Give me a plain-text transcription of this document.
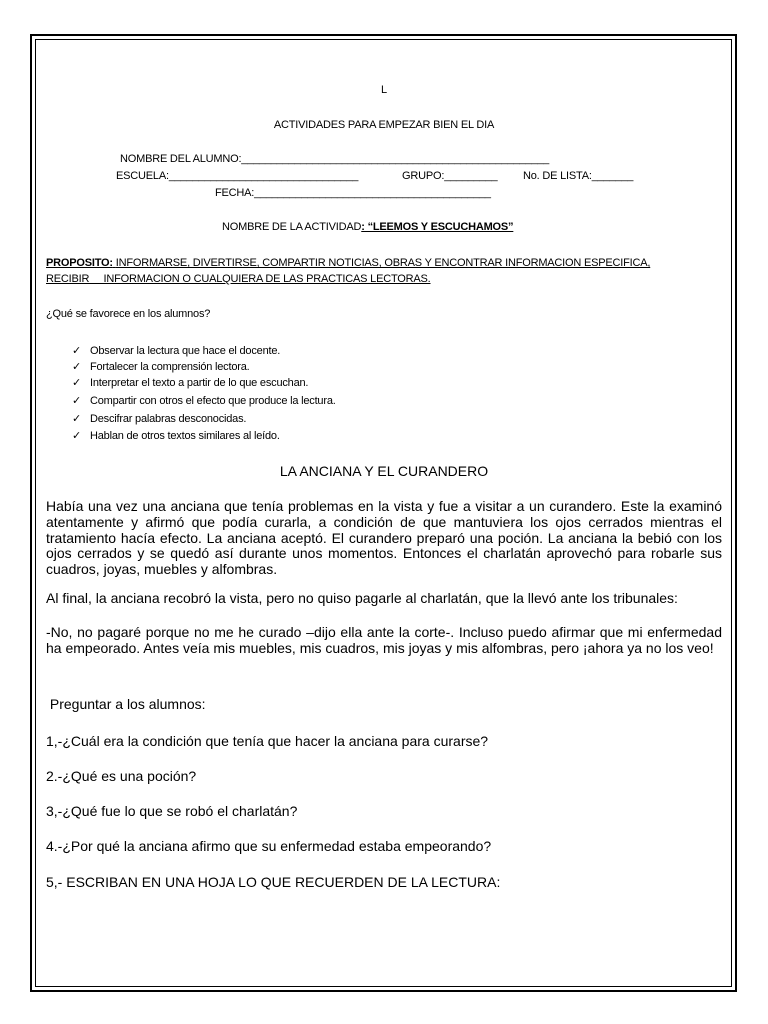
L
ACTIVIDADES PARA EMPEZAR BIEN EL DIA
NOMBRE DEL ALUMNO:____________________________________________________
ESCUELA:________________________________	GRUPO:_________ No. DE LISTA:_______
FECHA:________________________________________
NOMBRE DE LA ACTIVIDAD: “LEEMOS Y ESCUCHAMOS”
PROPOSITO: INFORMARSE, DIVERTIRSE, COMPARTIR NOTICIAS, OBRAS Y ENCONTRAR INFORMACION ESPECIFICA,
RECIBIR     INFORMACION O CUALQUIERA DE LAS PRACTICAS LECTORAS.
¿Qué se favorece en los alumnos?
✓ Observar la lectura que hace el docente.
✓ Fortalecer la comprensión lectora.
✓ Interpretar el texto a partir de lo que escuchan.
✓ Compartir con otros el efecto que produce la lectura.
✓ Descifrar palabras desconocidas.
✓ Hablan de otros textos similares al leído.
LA ANCIANA Y EL CURANDERO

Había una vez una anciana que tenía problemas en la vista y fue a visitar a un curandero. Este la examinó atentamente y afirmó que podía curarla, a condición de que mantuviera los ojos cerrados mientras el tratamiento hacía efecto. La anciana aceptó. El curandero preparó una poción. La anciana la bebió con los ojos cerrados y se quedó así durante unos momentos. Entonces el charlatán aprovechó para robarle sus cuadros, joyas, muebles y alfombras.

Al final, la anciana recobró la vista, pero no quiso pagarle al charlatán, que la llevó ante los tribunales:

-No, no pagaré porque no me he curado –dijo ella ante la corte-. Incluso puedo afirmar que mi enfermedad ha empeorado. Antes veía mis muebles, mis cuadros, mis joyas y mis alfombras, pero ¡ahora ya no los veo!

Preguntar a los alumnos:
1,-¿Cuál era la condición que tenía que hacer la anciana para curarse?
2.-¿Qué es una poción?
3,-¿Qué fue lo que se robó el charlatán?
4.-¿Por qué la anciana afirmo que su enfermedad estaba empeorando?
5,- ESCRIBAN EN UNA HOJA LO QUE RECUERDEN DE LA LECTURA:
